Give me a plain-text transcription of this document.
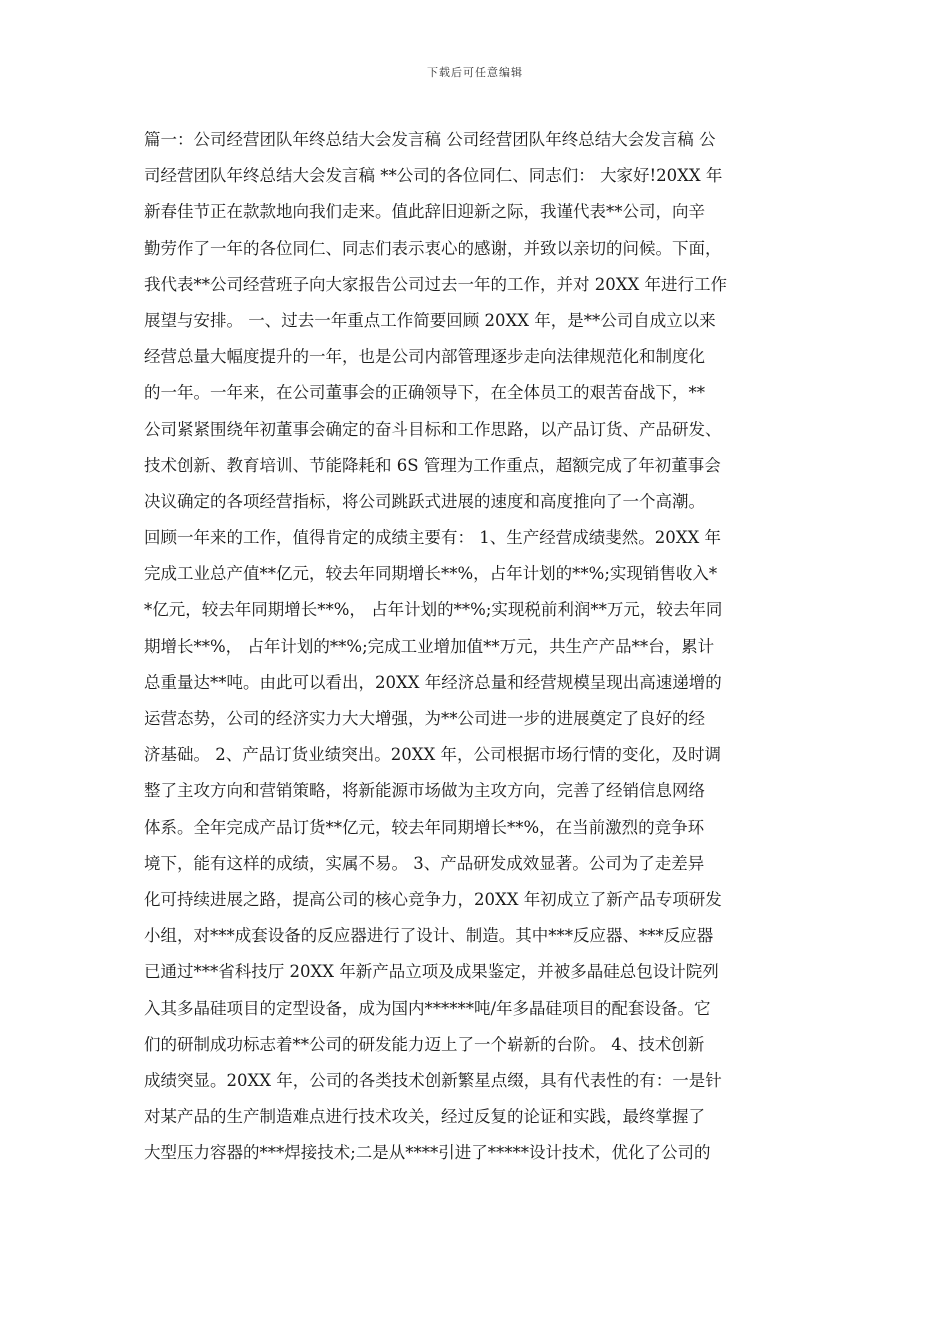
下载后可任意编辑
篇一：公司经营团队年终总结大会发言稿 公司经营团队年终总结大会发言稿 公
司经营团队年终总结大会发言稿 **公司的各位同仁、同志们： 大家好!20XX 年
新春佳节正在款款地向我们走来。值此辞旧迎新之际，我谨代表**公司，向辛
勤劳作了一年的各位同仁、同志们表示衷心的感谢，并致以亲切的问候。下面，
我代表**公司经营班子向大家报告公司过去一年的工作，并对 20XX 年进行工作
展望与安排。 一、过去一年重点工作简要回顾 20XX 年，是**公司自成立以来
经营总量大幅度提升的一年，也是公司内部管理逐步走向法律规范化和制度化
的一年。一年来，在公司董事会的正确领导下，在全体员工的艰苦奋战下，**
公司紧紧围绕年初董事会确定的奋斗目标和工作思路，以产品订货、产品研发、
技术创新、教育培训、节能降耗和 6S 管理为工作重点，超额完成了年初董事会
决议确定的各项经营指标，将公司跳跃式进展的速度和高度推向了一个高潮。
回顾一年来的工作，值得肯定的成绩主要有： 1、生产经营成绩斐然。20XX 年
完成工业总产值**亿元，较去年同期增长**%，占年计划的**%;实现销售收入*
*亿元，较去年同期增长**%， 占年计划的**%;实现税前利润**万元，较去年同
期增长**%， 占年计划的**%;完成工业增加值**万元，共生产产品**台，累计
总重量达**吨。由此可以看出，20XX 年经济总量和经营规模呈现出高速递增的
运营态势，公司的经济实力大大增强，为**公司进一步的进展奠定了良好的经
济基础。 2、产品订货业绩突出。20XX 年，公司根据市场行情的变化，及时调
整了主攻方向和营销策略，将新能源市场做为主攻方向，完善了经销信息网络
体系。全年完成产品订货**亿元，较去年同期增长**%，在当前激烈的竞争环
境下，能有这样的成绩，实属不易。 3、产品研发成效显著。公司为了走差异
化可持续进展之路，提高公司的核心竞争力，20XX 年初成立了新产品专项研发
小组，对***成套设备的反应器进行了设计、制造。其中***反应器、***反应器
已通过***省科技厅 20XX 年新产品立项及成果鉴定，并被多晶硅总包设计院列
入其多晶硅项目的定型设备，成为国内******吨/年多晶硅项目的配套设备。它
们的研制成功标志着**公司的研发能力迈上了一个崭新的台阶。 4、技术创新
成绩突显。20XX 年，公司的各类技术创新繁星点缀，具有代表性的有：一是针
对某产品的生产制造难点进行技术攻关，经过反复的论证和实践，最终掌握了
大型压力容器的***焊接技术;二是从****引进了*****设计技术，优化了公司的
